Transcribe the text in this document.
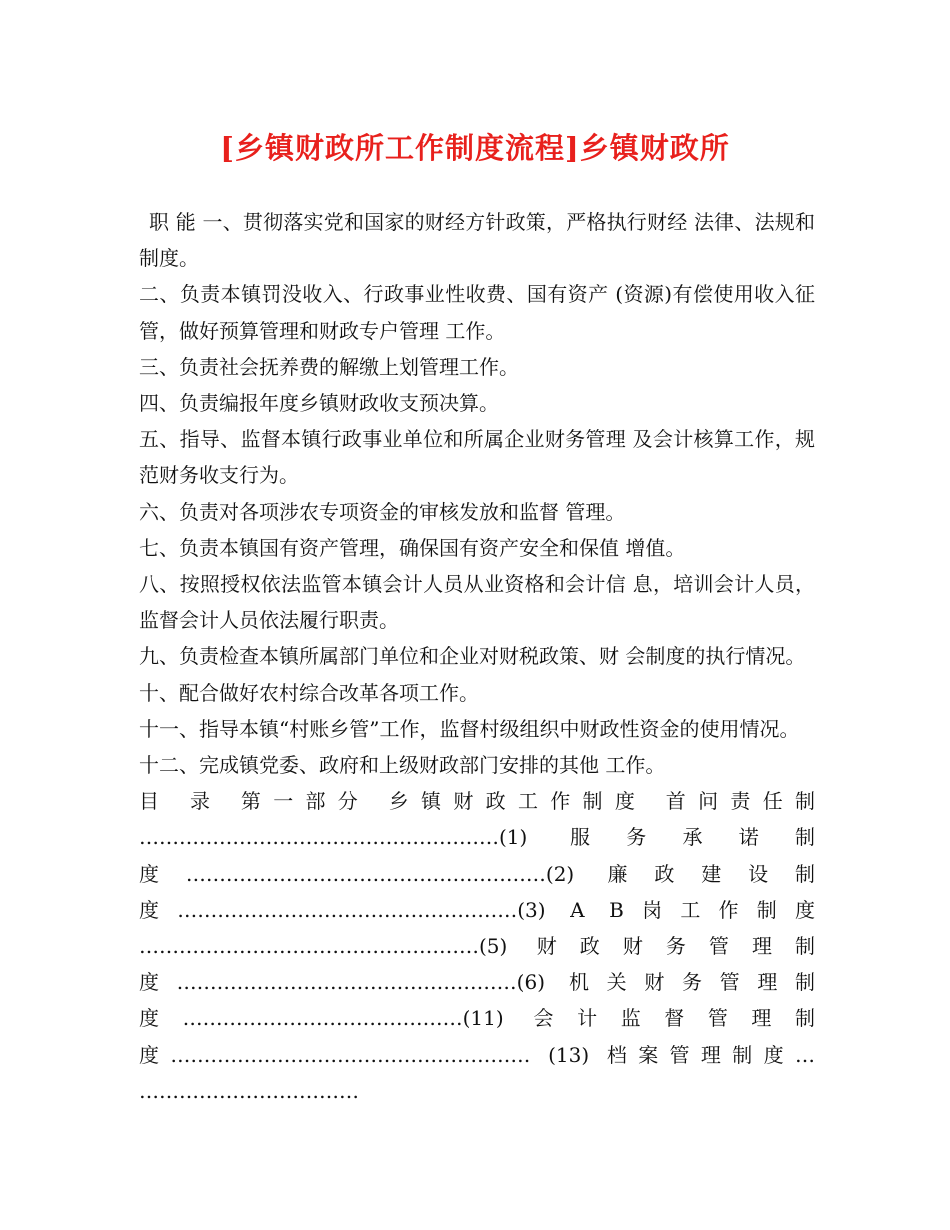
[乡镇财政所工作制度流程]乡镇财政所

职 能 一、贯彻落实党和国家的财经方针政策，严格执行财经 法律、法规和制度。

二、负责本镇罚没收入、行政事业性收费、国有资产 (资源)有偿使用收入征管，做好预算管理和财政专户管理 工作。

三、负责社会抚养费的解缴上划管理工作。

四、负责编报年度乡镇财政收支预决算。

五、指导、监督本镇行政事业单位和所属企业财务管理 及会计核算工作，规范财务收支行为。

六、负责对各项涉农专项资金的审核发放和监督 管理。

七、负责本镇国有资产管理，确保国有资产安全和保值 增值。

八、按照授权依法监管本镇会计人员从业资格和会计信 息，培训会计人员，监督会计人员依法履行职责。

九、负责检查本镇所属部门单位和企业对财税政策、财 会制度的执行情况。

十、配合做好农村综合改革各项工作。

十一、指导本镇“村账乡管”工作，监督村级组织中财政性资金的使用情况。

十二、完成镇党委、政府和上级财政部门安排的其他 工作。

目 录 第一部分 乡镇财政工作制度 首问责任制 ………………………………………………(1) 服务承诺制度………………………………………………(2) 廉政建设制度……………………………………………(3) A B岗工作制度 ……………………………………………(5) 财政财务管理制度……………………………………………(6) 机关财务管理制度……………………………………(11) 会计监督管理制度……………………………………………… (13) 档案管理制度… ……………………………
